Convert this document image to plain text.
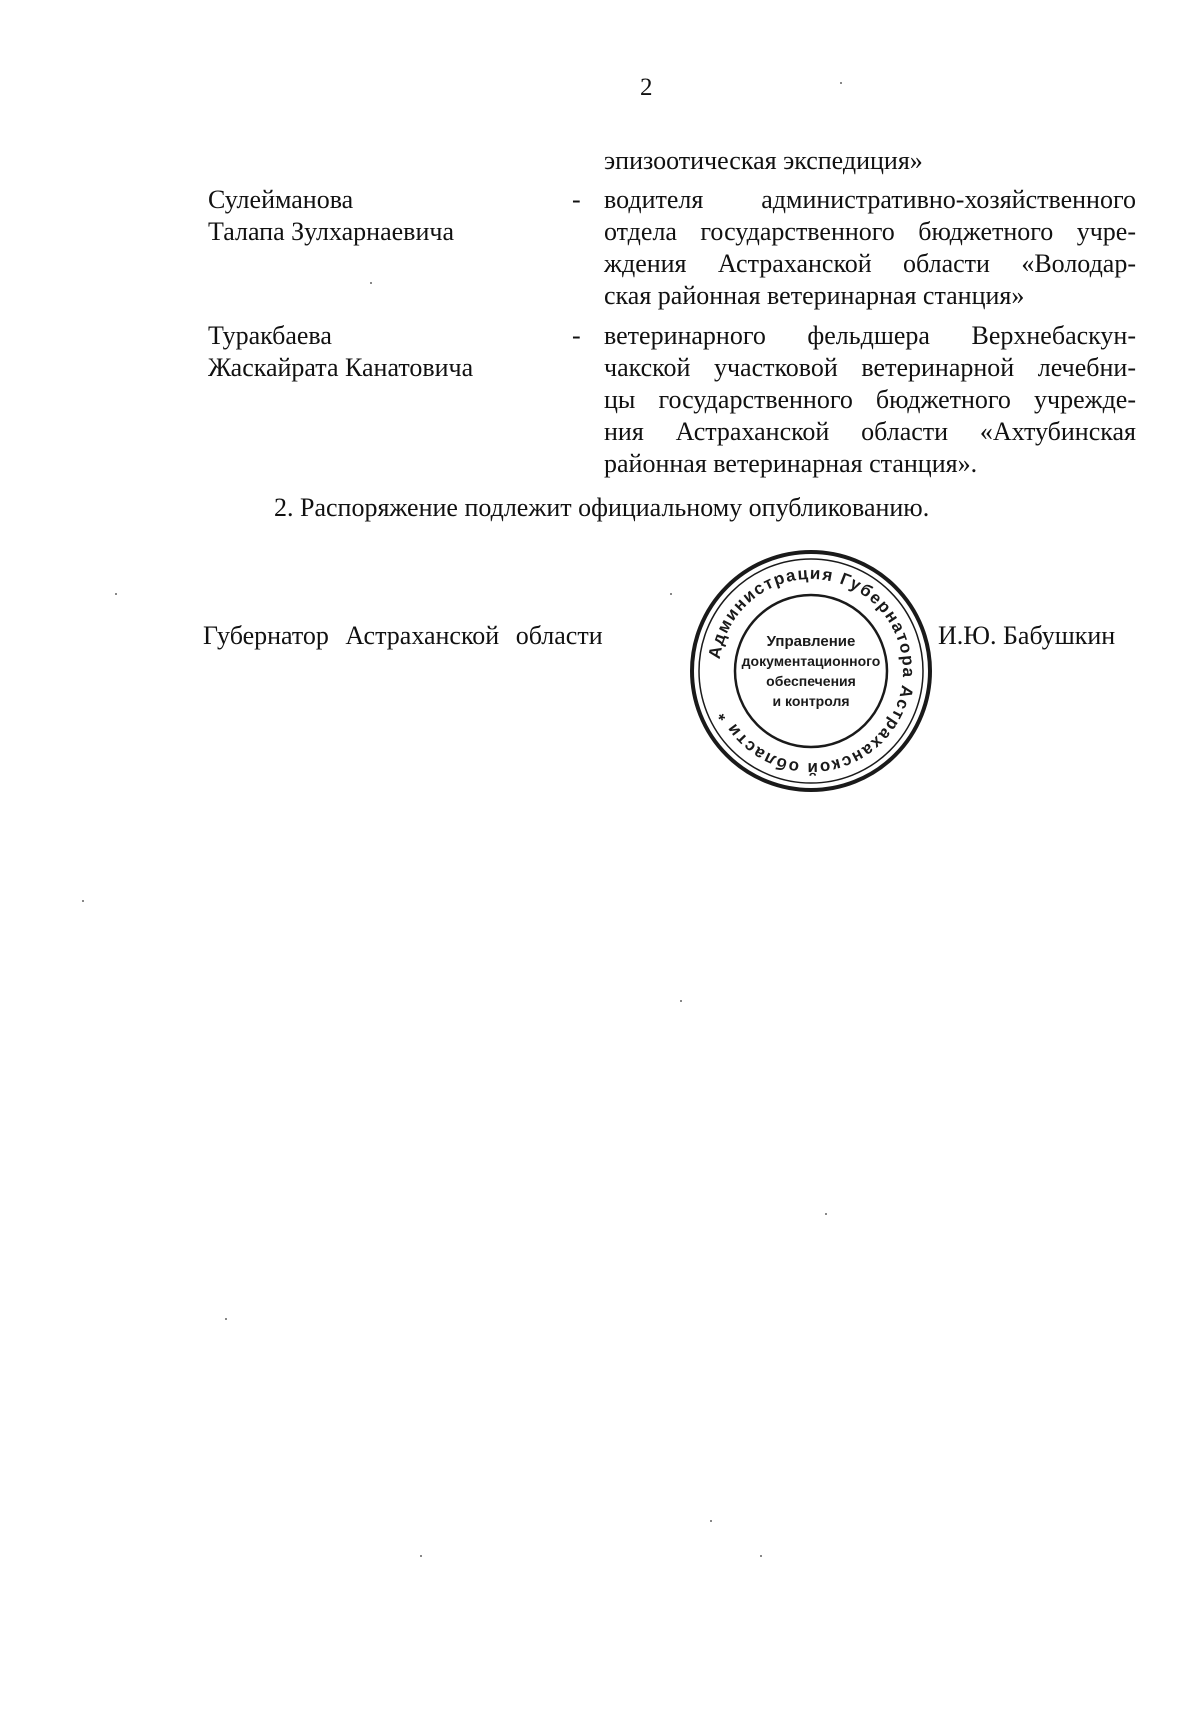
2
эпизоотическая экспедиция»
Сулейманова
Талапа Зулхарнаевича
- водителя административно-хозяйственного
отдела государственного бюджетного учре-
ждения Астраханской области «Володар-
ская районная ветеринарная станция»
Туракбаева
Жаскайрата Канатовича
- ветеринарного фельдшера Верхнебаскун-
чакской участковой ветеринарной лечебни-
цы государственного бюджетного учрежде-
ния Астраханской области «Ахтубинская
районная ветеринарная станция».
2. Распоряжение подлежит официальному опубликованию.
Губернатор Астраханской области
Администрация Губернатора Астраханской области *
Управление
документационного
обеспечения
и контроля
И.Ю. Бабушкин
